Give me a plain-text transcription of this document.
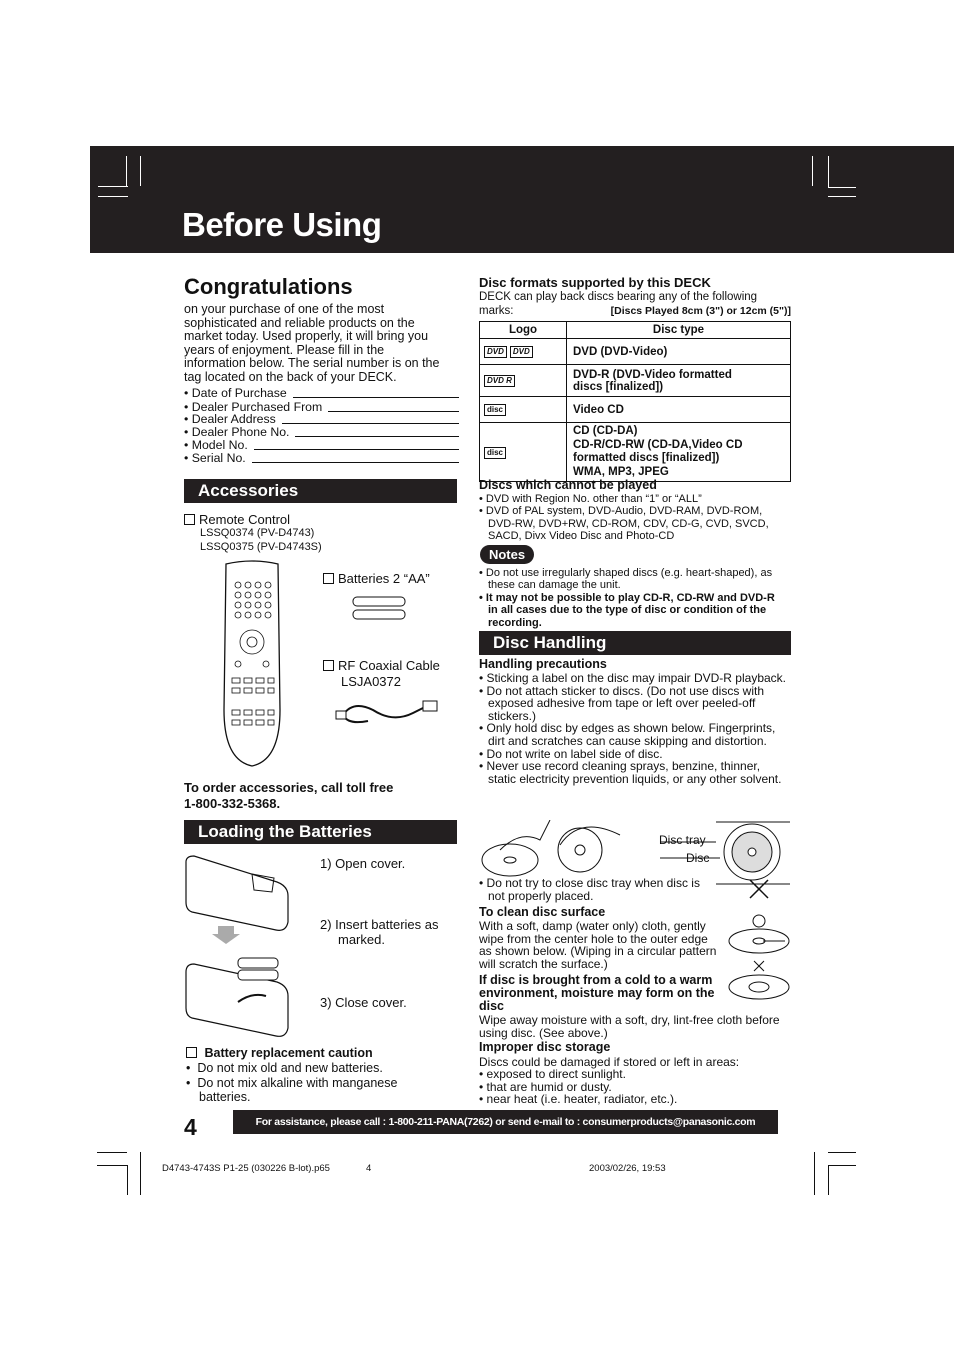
Before Using
Congratulations
on your purchase of one of the most
sophisticated and reliable products on the
market today. Used properly, it will bring you
years of enjoyment. Please fill in the
information below. The serial number is on the
tag located on the back of your DECK.
• Date of Purchase
• Dealer Purchased From
• Dealer Address
• Dealer Phone No.
• Model No.
• Serial No.
Accessories
Remote Control
LSSQ0374 (PV-D4743)
LSSQ0375 (PV-D4743S)
Batteries 2 “AA”
RF Coaxial Cable
LSJA0372
To order accessories, call toll free
1-800-332-5368.
Loading the Batteries
1) Open cover.
2) Insert batteries as
marked.
3) Close cover.
Battery replacement caution
•  Do not mix old and new batteries.
•  Do not mix alkaline with manganese
batteries.
Disc formats supported by this DECK
DECK can play back discs bearing any of the following
marks:	[Discs Played 8cm (3") or 12cm (5")]
Logo	Disc type
DVD DVD	DVD (DVD-Video)
DVD R	DVD-R (DVD-Video formatted
discs [finalized])

disc	Video CD
disc	CD (CD-DA)
CD-R/CD-RW (CD-DA,Video CD
formatted discs [finalized])
WMA, MP3, JPEG
Discs which cannot be played
• DVD with Region No. other than “1” or “ALL”
• DVD of PAL system, DVD-Audio, DVD-RAM, DVD-ROM, DVD-RW, DVD+RW, CD-ROM, CDV, CD-G, CVD, SVCD, SACD, Divx Video Disc and Photo-CD
Notes
• Do not use irregularly shaped discs (e.g. heart-shaped), as these can damage the unit.
• It may not be possible to play CD-R, CD-RW and DVD-R in all cases due to the type of disc or condition of the recording.
Disc Handling
Handling precautions
• Sticking a label on the disc may impair DVD-R playback.
• Do not attach sticker to discs. (Do not use discs with exposed adhesive from tape or left over peeled-off stickers.)
• Only hold disc by edges as shown below. Fingerprints, dirt and scratches can cause skipping and distortion.
• Do not write on label side of disc.
• Never use record cleaning sprays, benzine, thinner, static electricity prevention liquids, or any other solvent.
Disc tray
Disc
• Do not try to close disc tray when disc is not properly placed.
To clean disc surface
With a soft, damp (water only) cloth, gently wipe from the center hole to the outer edge as shown below. (Wiping in a circular pattern will scratch the surface.)
If disc is brought from a cold to a warm environment, moisture may form on the disc
Wipe away moisture with a soft, dry, lint-free cloth before using disc. (See above.)
Improper disc storage
Discs could be damaged if stored or left in areas:
• exposed to direct sunlight.
• that are humid or dusty.
• near heat (i.e. heater, radiator, etc.).
4	For assistance, please call : 1-800-211-PANA(7262) or send e-mail to : consumerproducts@panasonic.com
D4743-4743S P1-25 (030226 B-lot).p65	4	2003/02/26, 19:53
